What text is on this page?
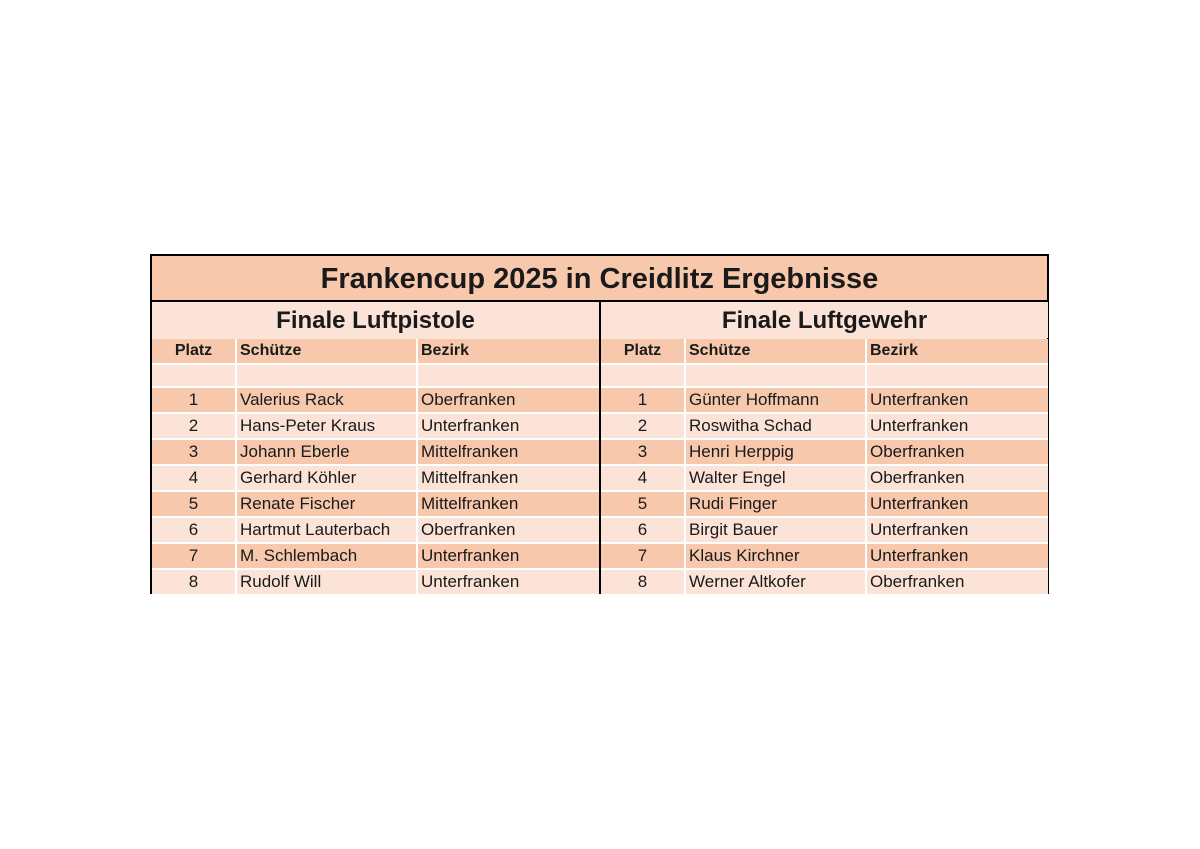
Frankencup 2025 in Creidlitz Ergebnisse
Finale Luftpistole
Platz	Schütze	Bezirk
1	Valerius Rack	Oberfranken
2	Hans-Peter Kraus	Unterfranken
3	Johann Eberle	Mittelfranken
4	Gerhard Köhler	Mittelfranken
5	Renate Fischer	Mittelfranken
6	Hartmut Lauterbach	Oberfranken
7	M. Schlembach	Unterfranken
8	Rudolf Will	Unterfranken
Finale Luftgewehr
Platz	Schütze	Bezirk
1	Günter Hoffmann	Unterfranken
2	Roswitha Schad	Unterfranken
3	Henri Herppig	Oberfranken
4	Walter Engel	Oberfranken
5	Rudi Finger	Unterfranken
6	Birgit Bauer	Unterfranken
7	Klaus Kirchner	Unterfranken
8	Werner Altkofer	Oberfranken
